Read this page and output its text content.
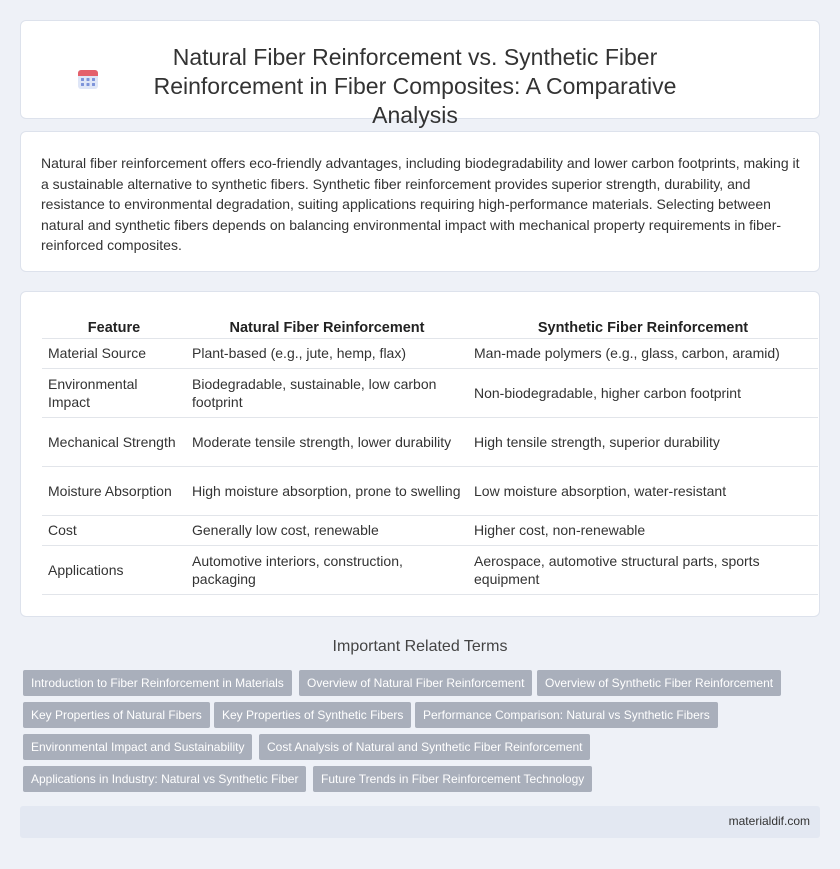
Natural Fiber Reinforcement vs. Synthetic Fiber Reinforcement in Fiber Composites: A Comparative Analysis

Natural fiber reinforcement offers eco-friendly advantages, including biodegradability and lower carbon footprints, making it a sustainable alternative to synthetic fibers. Synthetic fiber reinforcement provides superior strength, durability, and resistance to environmental degradation, suiting applications requiring high-performance materials. Selecting between natural and synthetic fibers depends on balancing environmental impact with mechanical property requirements in fiber-reinforced composites.

Feature	Natural Fiber Reinforcement	Synthetic Fiber Reinforcement
Material Source	Plant-based (e.g., jute, hemp, flax)	Man-made polymers (e.g., glass, carbon, aramid)
Environmental Impact	Biodegradable, sustainable, low carbon footprint	Non-biodegradable, higher carbon footprint
Mechanical Strength	Moderate tensile strength, lower durability	High tensile strength, superior durability
Moisture Absorption	High moisture absorption, prone to swelling	Low moisture absorption, water-resistant
Cost	Generally low cost, renewable	Higher cost, non-renewable
Applications	Automotive interiors, construction, packaging	Aerospace, automotive structural parts, sports equipment
Important Related Terms
Introduction to Fiber Reinforcement in Materials	Overview of Natural Fiber Reinforcement	Overview of Synthetic Fiber Reinforcement
Key Properties of Natural Fibers	Key Properties of Synthetic Fibers	Performance Comparison: Natural vs Synthetic Fibers
Environmental Impact and Sustainability	Cost Analysis of Natural and Synthetic Fiber Reinforcement
Applications in Industry: Natural vs Synthetic Fiber	Future Trends in Fiber Reinforcement Technology
materialdif.com
